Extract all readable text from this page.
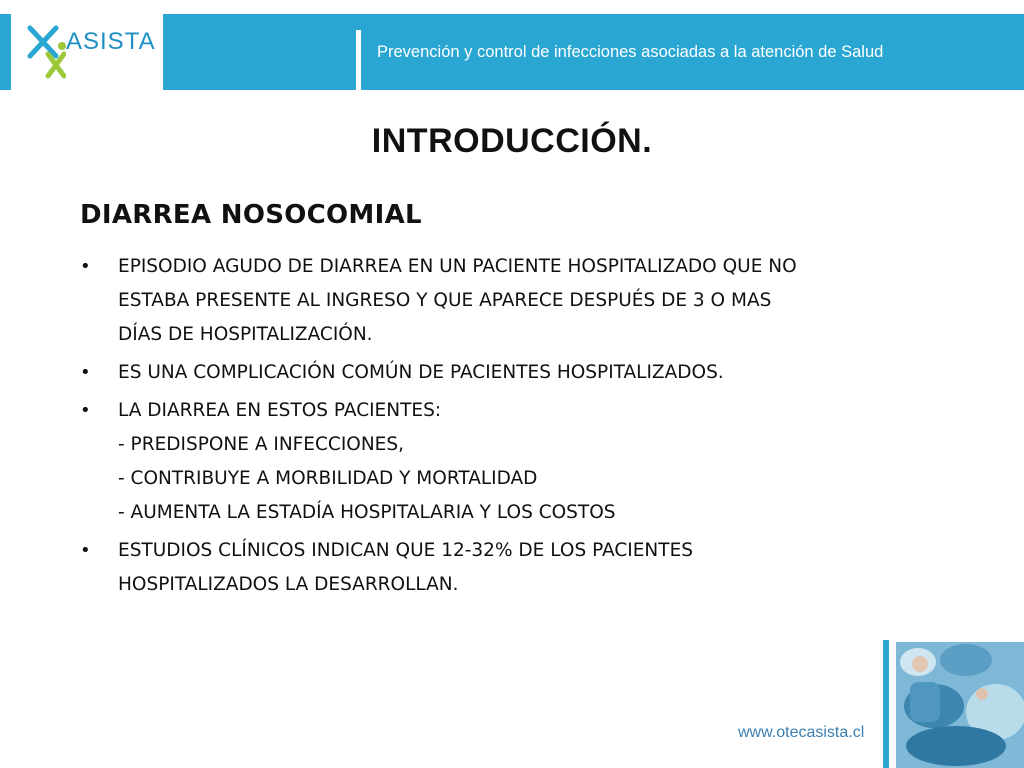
ASISTA	Prevención y control de infecciones asociadas a la atención de Salud
INTRODUCCIÓN.
DIARREA NOSOCOMIAL
• EPISODIO AGUDO DE DIARREA EN UN PACIENTE HOSPITALIZADO QUE NO
ESTABA PRESENTE AL INGRESO Y QUE APARECE DESPUÉS DE 3 O MAS
DÍAS DE HOSPITALIZACIÓN.
• ES UNA COMPLICACIÓN COMÚN DE PACIENTES HOSPITALIZADOS.
• LA DIARREA EN ESTOS PACIENTES:
- PREDISPONE A INFECCIONES,
- CONTRIBUYE A MORBILIDAD Y MORTALIDAD
- AUMENTA LA ESTADÍA HOSPITALARIA Y LOS COSTOS
• ESTUDIOS CLÍNICOS INDICAN QUE 12-32% DE LOS PACIENTES
HOSPITALIZADOS LA DESARROLLAN.
www.otecasista.cl
